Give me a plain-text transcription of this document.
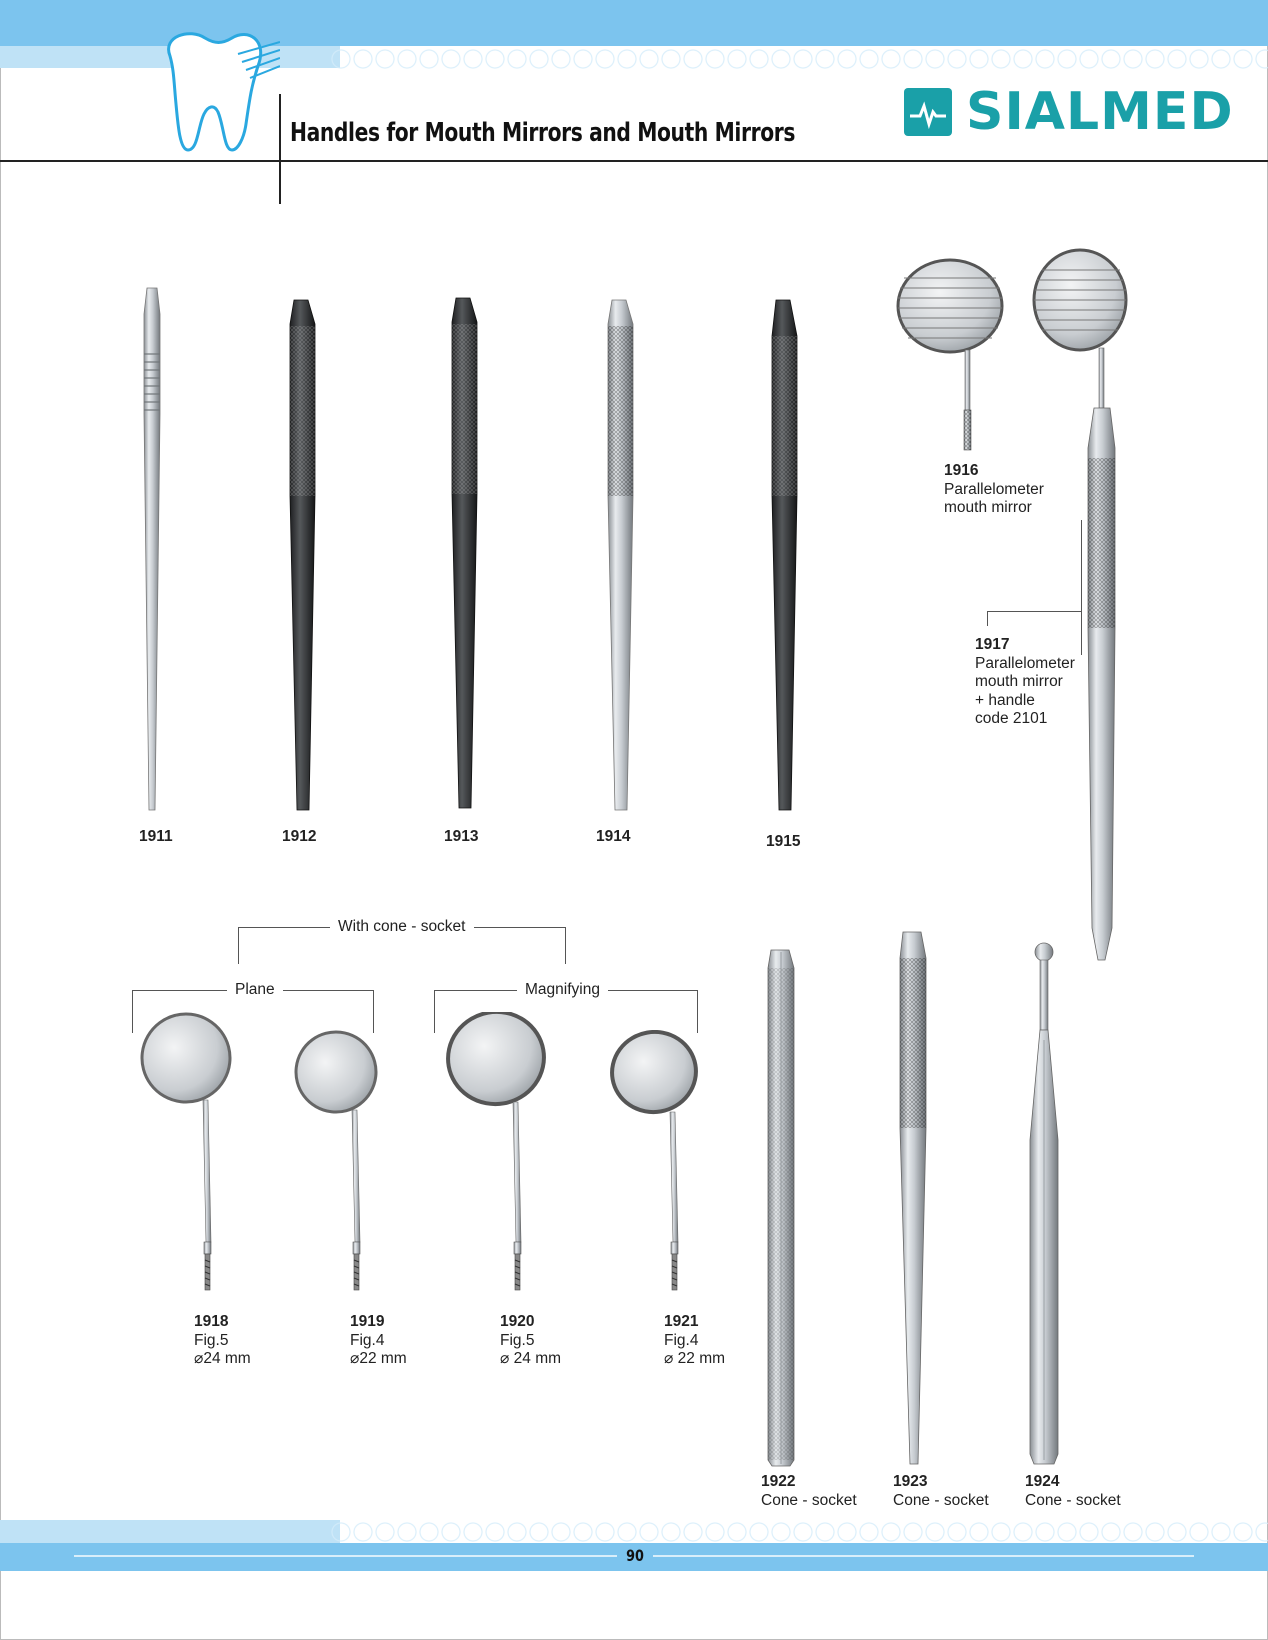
Handles for Mouth Mirrors and Mouth Mirrors	SIALMED
1911	1912	1913	1914	1915
1916
Parallelometer
mouth mirror
1917
Parallelometer
mouth mirror
+ handle
code 2101
With cone - socket
Plane	Magnifying
1918
Fig.5
⌀24 mm
1919
Fig.4
⌀22 mm
1920
Fig.5
⌀ 24 mm
1921
Fig.4
⌀ 22 mm
1922
Cone - socket
1923
Cone - socket
1924
Cone - socket
90
